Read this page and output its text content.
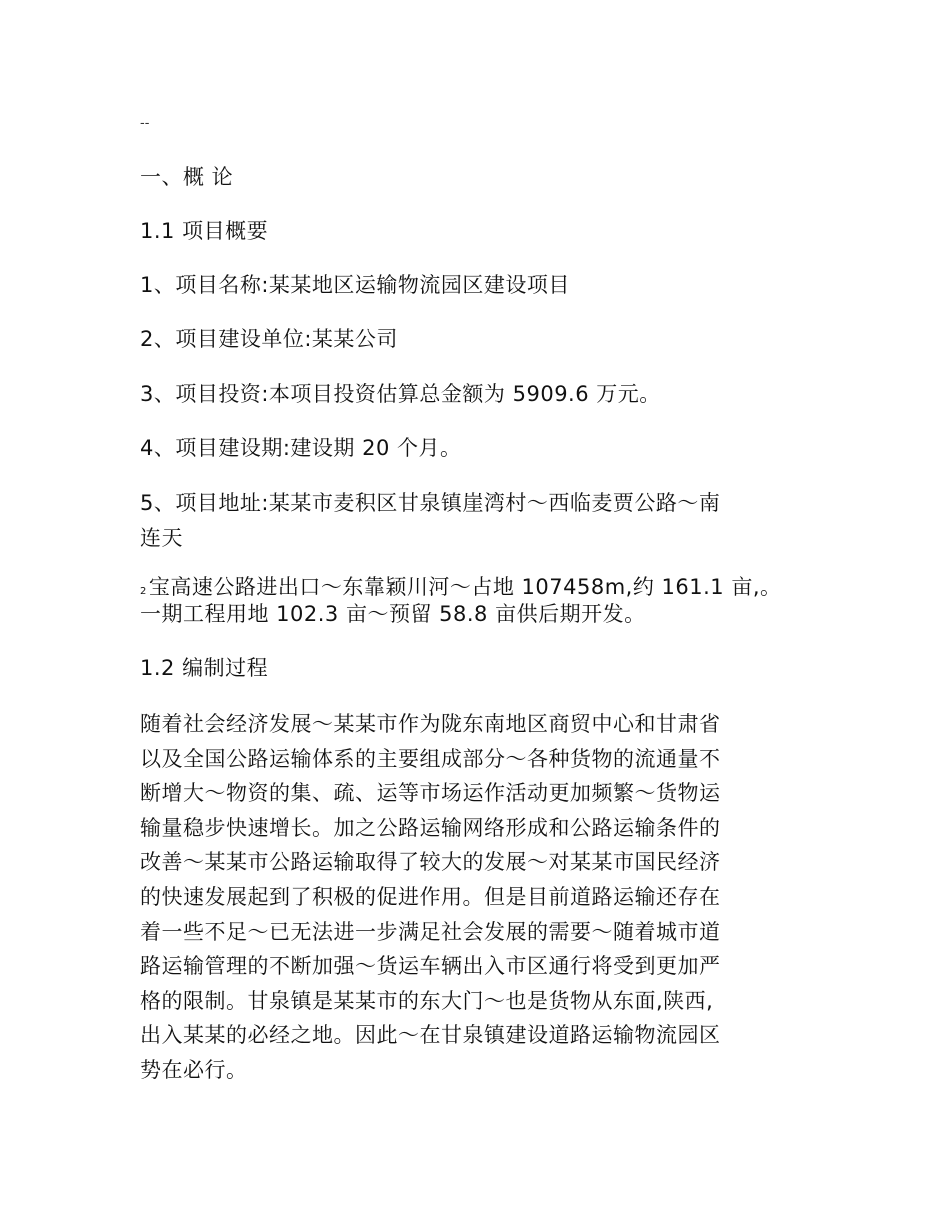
--
一、概 论
1.1 项目概要
1、项目名称:某某地区运输物流园区建设项目
2、项目建设单位:某某公司
3、项目投资:本项目投资估算总金额为 5909.6 万元。
4、项目建设期:建设期 20 个月。
5、项目地址:某某市麦积区甘泉镇崖湾村～西临麦贾公路～南
连天
2宝高速公路进出口～东靠颖川河～占地 107458m,约 161.1 亩,。
一期工程用地 102.3 亩～预留 58.8 亩供后期开发。
1.2 编制过程
随着社会经济发展～某某市作为陇东南地区商贸中心和甘肃省
以及全国公路运输体系的主要组成部分～各种货物的流通量不
断增大～物资的集、疏、运等市场运作活动更加频繁～货物运
输量稳步快速增长。加之公路运输网络形成和公路运输条件的
改善～某某市公路运输取得了较大的发展～对某某市国民经济
的快速发展起到了积极的促进作用。但是目前道路运输还存在
着一些不足～已无法进一步满足社会发展的需要～随着城市道
路运输管理的不断加强～货运车辆出入市区通行将受到更加严
格的限制。甘泉镇是某某市的东大门～也是货物从东面,陕西,
出入某某的必经之地。因此～在甘泉镇建设道路运输物流园区
势在必行。
